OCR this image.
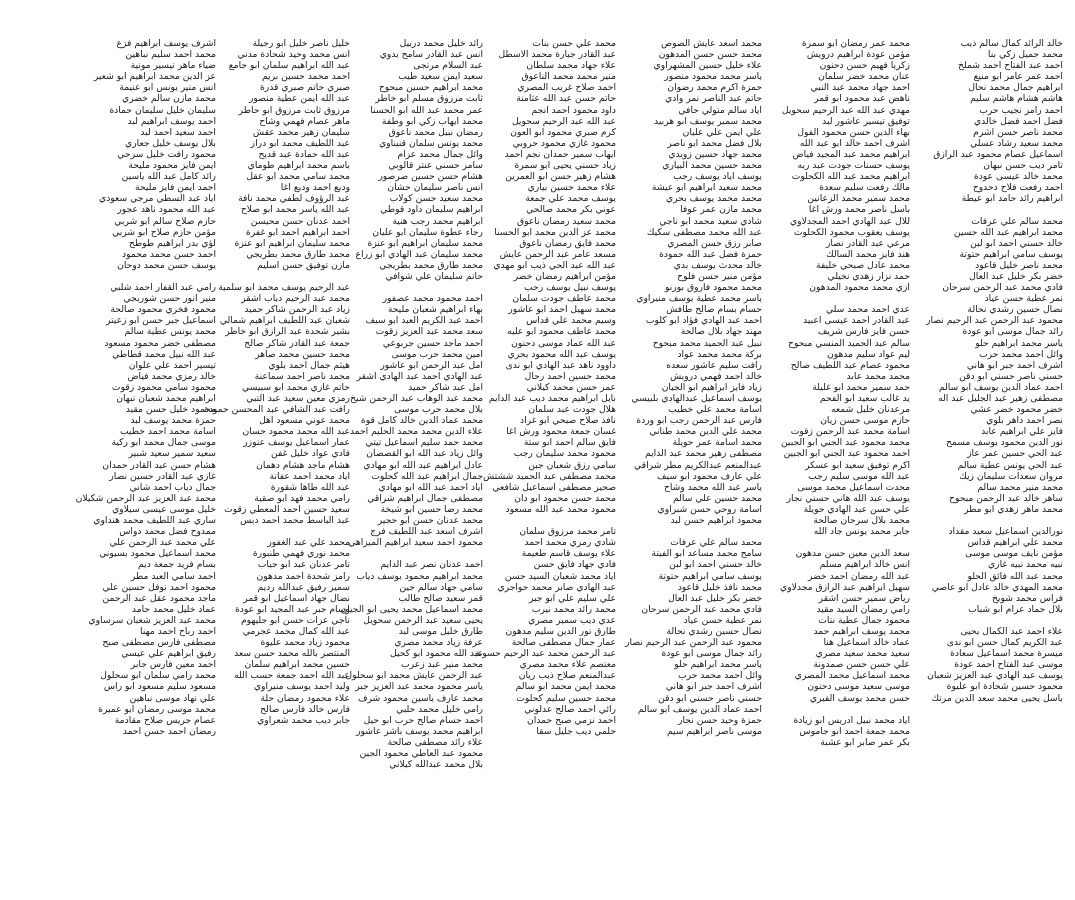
خالد الرائد كمال سالم ذيب
محمد جميل زكي بنا
احمد عبد الفتاح احمد شملخ
احمد عمر عامر ابو منيع
ابراهيم جمال محمد نحال
هاشم هشام هاشم سليم
احمد رامز نجيب حرب
فضل احمد فضل خالدي
محمد ناصر حسن اشرم
محمد سعيد رشاد عسلي
اسماعيل عصام محمود عبد الرازق
تامر ديب حسن نبهان
محمد خالد عيسى عودة
احمد رفعت فلاح دحدوح
ابراهيم رائد حامد ابو عيطة

محمد سالم علي عرفات
محمد ابراهيم عبد الله حسين
خالد حسني احمد ابو لبن
يوسف سامي ابراهيم حتوتة
محمد ناصر خليل قاعود
خضر بكر خليل عبد العال
فادي محمد عبد الرحمن سرحان
نمر عطية حسن عياد
نضال حسين رشدي نحالة
محمود عبد الرحمن عبد الرحيم نصار
رائد جمال موسى ابو عودة
ياسر محمد ابراهيم حلو
وائل احمد محمد حرب
اشرف احمد جبر ابو هاني
حسني ناصر حسني ابو دقن
احمد عماد الدين يوسف ابو سالم
مصطفى زهير عبد الجليل عبد اله
خضر محمود خضر عشي
نصر احمد داهر بلوي
فايز علي ابراهيم عابد
نور الدين محمود يوسف مسمح
عبد الحي حسين عمر عاز
عبد الحي يونس عطية سالم
مروان سعدات سليمان زيك
محمد منير محمد سالم
ساهر خالد عبد الرحمن مبحوح
محمد ماهر زهدي ابو مطر

نورالدين اسماعيل سعيد مقداد
محمد علي ابراهيم قداس
مؤمن نايف موسى موسى
نبيه محمد نبيه غازي
محمد عبد الله فائق الحلو
محمد المهدي خالد عادل ابو عاصي
فراس محمد شويخ
بلال حماد عرام ابو شباب

علاء احمد عبد الكمال يحيى
عبد الكريم كمال حسن ابو ندى
ميسرة محمد اسماعيل سعادة
موسى عبد الفتاح احمد عودة
يوسف عبد الهادي عبد العزيز شعبان
محمود حسين شحادة ابو عليوة
باسل يحيى محمد سعد الدين مرتك
محمد عمر رمضان ابو سمرة
مؤمن عودة ابراهيم درويش
زكريا فهيم حسن دحنون
عنان محمد خضر سلمان
احمد جهاد محمد عبد النبي
ناهض عبد محمود ابو قمر
مهدي عبد الله عبد الرحيم سحويل
توفيق تيسير عاشور لبد
بهاء الدين حسن محمود الفول
اشرف احمد خالد ابو عبد الله
ابراهيم محمد عبد المجيد فياض
يوسف حسنات جودت عبد ربه
ابراهيم محمد عبد الله الكحلوت
مالك رفعت سليم سعدة
محمد سمير محمد الزعانين
باسل ناصر محمد ورش اغا
للال عبد الهادي احمد المجدلاوي
يوسف يعقوب محمود الكحلوت
مرعي عبد القادر نصار
هند فايز محمد السالك
محمد عادل صبحي خليفة
حمد نزار زهدي نخيلي
ازي محمد محمود المدهون

عدي احمد محمد سلي
عبد القادر احمد عيسى اعبيد
حسن فايز فارس شريف
سالم عبد الحميد المنسي مبحوح
ليم عواد سليم مدهون
محمود عصام عبد اللطيف صالح
محمد محمد عابد
حمد سمير محمد ابو غليلة
يد غالب سعيد ابو الفحم
مرعدنان خليل شمعه
حازم موسى حسن زيان
اسامة محمد عبد الرحمن زقوت
محمد محمود عبد الجني ابو الجبين
احمد محمود عبد الجني ابو الجبين
اكرم توفيق سعيد ابو عسكر
عبد الله موسى سليم رجب
محدت اسماعيل محمد موسى
يوسف عبد الله هاني حسني نجار
علي حسن عبد الهادي حويلة
محمد بلال سرحان صالحة
جابر محمد يونس جاد الله

سعد الدين معين حسن مدهون
انس خالد ابراهيم مسلم
عبد الله رمضان احمد خضر
سهيل ابراهيم عبد الرازق مجدلاوي
رياض سمير حسن اشقر
رامي رمضان السيد مقيد
محمود جمال عطية نتات
محمد يوسف ابراهيم حمد
عماد خالد اسماعيل هنا
سعيد محمد سعيد مصري
علي حسن حسن صمدونة
محمد اسماعيل محمد المصري
موسى سعيد موسى دحنون
حسن محمد يوسف الفيري

اياد محمد نبيل ادريس ابو زيادة
محمد جمعة احمد ابو جاموس
بكر عمر صابر ابو عشبة
محمد اسعد عايش الصوص
محمد حسن حسن المدهون
علاء خليل حسين المشهراوي
ياسر محمد محمود منصور
حمزة اكرم محمد رضوان
حاتم عبد الناصر نمر وادي
اياد سالم متولي حافي
محمد سمير يوسف ابو هربيد
علي ايمن علي عليان
بلال فضل محمد ابو ناصر
محمد جهاد حسين زويدي
محمد حسين محمد البياري
يوسف اياد يوسف رجب
محمد سعيد ابراهيم ابو عيشة
محمد محمد يوسف بحري
محمد مازن عمر عوفا
شادي سعيد محمد ابو ناجي
عبد الله محمد مصطفى سكيك
صابر رزق حسن المصري
حمزة فضل عبد الله حمودة
خالد محدث يوسف بدي
مؤمن منير حسن فلوح
محمد محمود فاروق بورنو
ياسر محمد عطية يوسف منيراوي
حسام بسام صالح طافش
احمد عبد الهادي فؤاد ابو كلوب
مهند جهاد بلال صالحة
نبيل عبد الحميد محمد مبحوح
بركة محمد محمد عواد
رافت سليم عاشور سعده
خالد احمد فهمي درويش
زياد فايز ابراهيم ابو الجيان
يوسف اسماعيل عبدالهادي بلبيسي
اسامة محمد علي خطيب
فارس عبد الرحمن رجب ابو وردة
محمد علي الدين محمد طناني
محمد اسامة عمر حويلة
مصطفى زهير محمد عبد الدايم
عبدالمنعم عبدالكريم مطر شراقي
علي عارف محمود ابو سيف
ياسر عبد الله محمد وشاح
محمد حسين علي سالم
اسامة روحي حسن شبراوي
محمود ابراهيم حسن لبد

محمد سالم علي عرفات
سامح محمد مساعد ابو الفيتة
خالد حسني احمد ابو لبن
يوسف سامي ابراهيم حتوتة
محمد نافذ خليل قاعود
خضر بكر خليل عبد العال
فادي محمد عبد الرحمن سرحان
نمر عطية حسن عياد
نضال حسين رشدي نحالة
محمود عبد الرحمن عبد الرحيم نصار
رائد جمال موسى ابو عودة
ياسر محمد ابراهيم حلو
وائل احمد محمد حرب
اشرف احمد جبر ابو هاني
حسني ناصر حسني ابو دقن
احمد عماد الدين يوسف ابو سالم
حمزة وحيد حسن نجار
موسى ناصر ابراهيم سيم
محمد علي حسن بنات
عبد القادر جبارة محمد الاسطل
علاء جهاد محمد سلطان
منير محمد محمد الناعوق
احمد صلاح غريب المصري
حاتم حسن عبد الله عثامنة
داود محمود احمد انجم
عبد الله عبد الرحيم سحويل
كرم صبري محمود ابو العون
محمود غازي محمود حروبي
ايهاب سمير حمدان نجم احمد
زياد حسني يحيى ابو سمرة
هشام زهير حسن ابو العمرين
علاء محمد حسين بياري
يوسف محمد علي جمعة
عوني بكر محمد صالحي
محمد سعيد رمضان ناعوق
محمد عز الدين محمد ابو الحسنا
محمد فايق رمضان ناعوق
مسعد عامر عبد الرحمن عايش
عبد الله عبد الحي ذيب ابو مهدي
مؤمن ابراهيم رمضان خضر
يوسف نبيل يوسف رحب
محمد عاطف جودت سلمان
محمد سهيل احمد ابو عاشور
وسيم محمد علي قداس
محمد عاطف محمود ابو عليه
عبد الله عماد موسى دحنون
يوسف عبد الله محمود بحري
داوود ناهد عبد الهادي ابو ندى
محمد حسين احمد رحال
عمر حسن محمد كيلاني
نايل ابراهيم محمد ديب عبد الدايم
هلال جودت عبد سلمان
نافذ صلاح صبحي ابو غراد
غسان جمعة محمود ورش اغا
فايق سالم احمد ابو ستة
محمود محمد سليمان رجب
سامي رزق شعبان جبن
محمد مصطفى عبد الحميد ششتش
صحير مصطفى اسماعيل شافعي
محمد حسن محمود ابو دان
محمود محمد عبد الله مسعود

تامر محمد مرزوق سلمان
شادي رمزي محمد احمد
علاء يوسف قاسم طعيمة
فادي جهاد فايق حسن
اياد محمد شعبان السيد حسن
عبد الهادي صابر محمد حواجري
علي سليم علي ابو جبر
محمد رائد محمد نيرب
عدي ديب سمير مصري
طارق نور الدين سليم مدهون
عمار جمال مصطفى صالحة
عبد الرحمن محمد عبد الرحيم حسونة
معتصم علاء محمد مصري
عبدالمنعم صلاح ذيب ريان
محمد ايمن محمد ابو سالم
محمد حسين سليم كحلوت
رائي احمد صالح عدلوني
احمد نزمي صبح حمدان
حلمي ديب جليل سقا
رائد خليل محمد دربيل
انس عبد القادر سامح بدوي
عبد السلام مرتجى
سعيد ايمن سعيد طيب
محمد ابراهيم حسين مبحوح
ثابت مرزوق مسلم ابو خاطر
عمر محمد عبد الله ابو الحسنا
محمد ايهاب زكي ابو وطفة
رمضان نبيل محمد ناعوق
محمد يونس سلمان قنيناوي
وائل جمال محمد عزام
سامر حسني عنتر قالوبي
هشام حسن حسين صرصور
انس ناصر سليمان حشان
محمد سعيد حسن كولاب
ابراهيم سليمان داود قوطي
ابراهيم محمد رجب هنية
رجاء عطوة سليمان ابو عليان
محمد سليمان ابراهيم ابو عنزة
محمد سليمان عبد الهادي ابو زراع
محمد طارق محمد بطريجي
حاتم سليمان علي شوافي

احمد محمود محمد عصفور
بهاء ابراهيم شعبان مليحة
احمد عبد الكريم العبد ابو سيف
سعد محمد عبد العزيز زقوت
احمد ماجد حسين جربوعي
امين محمد حرب موسى
امل عبد الرحمن ابو عاشور
عبد الهادي احمد عبد الهادي اشقر
امل عبد شاكر حميد
محمد عبد الوهاب عبد الرحمن شيخ
بلال محمد حرب موسى
محمد عماد الدين خالد كامل قوة
علاء الدين محمد محمد الحليم احمد
محمد حمد سليم اسماعيل تيتي
وائل زياد عبد الله ابو القصصان
عادل ابراهيم عبد الله ابو مهادي
جمال ابراهيم عبد الله كحلوت
اياد احمد عبد الله ابو مهادي
مصطفى جمال ابراهيم شراقي
محمد رضا حسين ابو شيخة
محمد عدنان حسن ابو حجير
اشرف اسعد عبد اللطيف فرج
محمود احمد سعيد ابراهيم الميزاهي

احمد عدنان نصر عبد الدايم
محمد ابراهيم محمود يوسف دياب
سامي جهاد سالم جين
قمر سعيد صالح طالب
محمد اسماعيل محمد يحيى ابو الجيان
يحيى سعيد عبد الرحمن سحويل
طارق خليل موسى لبد
عرفة زياد محمد مصري
عبد الله محمود ابو كحيل
محمد منير عبد زعرب
عبد الرحمن عايش محمد ابو سحلول
ياسر محمود محمد عبد العزيز جبر
محمد عارف ياسين محمود شرف
رامي خليل محمد حلبي
احمد حسام صالح حرب ابو حيل
ابراهيم محمد يوسف باشر عاشور
علاء رائد مصطفى صالحة
محمود عبد العاطي محمود الجين
بلال محمد عبدالله كيلاني
خليل ناصر خليل ابو رجيلة
انس محمد وحيد شحادة مدني
عبد الله ابراهيم سلمان ابو جامع
احمد محمد حسين بريم
صبري حاتم صبري قدرة
عبد الله ايمن عطية منصور
مرزوق ثابت مرزوق ابو حاطر
ماهر عصام فهمي وشاح
سليمان زهير محمد عقش
عبد اللطيف محمد ابو دراز
عبد الله حمادة عبد قديح
باسم محمد ابراهيم طوماي
محمد سامي محمد ابو عقل
وديع احمد وديع اغا
عبد الرؤوف لطفي محمد نافة
عبد الله ياسر محمد ابو صلاح
احمد عدنان حسن محيسن
احمد ابراهيم احمد ابو غفرة
محمد سليمان ابراهيم ابو عنزة
محمد طارق محمد بطريجي
مازن توفيق حسن اسليم

عبد الرحيم يوسف محمد ابو سلمية
محمد عبد الرحيم دياب اشقر
زياد عبد الرحمن شاكر حميد
شعبان عبد اللطيف ابراهيم شمالي
بشير شحدة عبد الرازق ابو خاطر
جمعة عبد القادر شاكر صالح
محمد حسين محمد صاهر
هيثم جمال احمد بلوي
محمد ناصر احمد سماعنة
حاتم غازي محمد ابو سبيسي
رمزي معين سعيد عبد التبي
رافت عبد الشافي عبد المحسن حمودة
محمد عوني مسعود اهل
عبد الله محمد محمود حسان
عمار اسماعيل يوسف عنوزر
فادي عواد خليل غفن
هشام ماجد هشام دهمان
اياد محمد احمد عفانة
عبد الله طاها شقورة
رامي محمد فهد ابو صقية
سعيد حسين احمد المعطي زقوت
عبد الباسط محمد احمد دبس

محمد علي عبد الغفور
محمد نوري فهمي طنبورة
تامر عدنان عبد ابو جياب
رامز شحدة احمد مدهون
سمير رفيق عبدالله رديم
نضال جهاد اسماعيل ابو قمر
وسام جبر عبد المجيد ابو عودة
ناجي عزات حسن ابو جليهوم
عبد الله كمال محمد عجرمي
محمود زياد محمد عليوة
المنتصر بالله محمد حسن سعد
حسين محمد ابراهيم سلمان
عبد الله احمد جمعة حسب الله
وليد احمد يوسف منيراوي
علاء محمود رمضان حلة
فارس خالد فارس صالح
جابر ديب محمد شعراوي
اشرف يوسف ابراهيم فزع
محمد احمد سليم نباهين
ضياء ماهر تيسير مونية
عز الدين محمد ابراهيم ابو شعير
انس منير يونس ابو عنيمة
محمد مازن سالم خضري
سليمان خليل سليمان حمادة
احمد يوسف ابراهيم لبد
احمد سعيد احمد لبد
بلال يوسف خليل جعاري
محمود رافت خليل سرحي
ايمن فايز محمود مليحة
رائد كامل عبد الله ياسين
احمد ايمن فايز مليحة
اياد عبد السطي مرجي سعودي
عبد الله محمود ناهد عجور
حازم صلاح سالم ابو شربي
مؤمن حازم صلاح ابو شربي
لؤي بدر ابراهيم طوطح
احمد حسن محمد محمود
يوسف حسن محمد دوحان

رامي عبد القفار احمد شلبي
منير انور حسن شوربجي
محمود فخري محمود صالحة
اسماعيل جبر حسن ابو زعيتر
محمد يونس عطية سالم
مصطفى خضر محمود مسعود
عبد الله نبيل محمد قطاطي
تيسير احمد علي علوان
خالد رمزي محمد فياض
محمود سامي محمود زقوت
ابراهيم محمد شعبان نبهان
محمود خليل حسن مقيد
حمزة محمد يوسف لبد
اسامة محمد احمد خطيب
موسى جمال محمد ابو ركبة
سعيد سمير سعيد شبير
هشام حسن عبد القادر حمدان
غازي عبد القادر حسين نصار
جمال دياب احمد شاني
محمد عبد العزيز عبد الرحمن شكيلان
خليل موسى عيسى سيلاوي
ساري عبد اللطيف محمد هنداوي
ممدوح فضل محمد دواس
علي محمد عبد الرحمن علي
محمد اسماعيل محمود بسيوني
بسام فريد جمعة ديم
احمد سامي العبد مطر
محمود احمد نوفل حسين علي
ماجد محمود عقل عبد الرحمن
عماد خليل محمد حامد
محمد عبد العزيز شعبان سرساوي
احمد رباح احمد مهنا
مصطفى فارس مصطفى صبح
رفيق ابراهيم علي عيسي
احمد معين فارس جابر
محمد رامي سلمان ابو سحلول
مسعود سليم مسعود ابو راس
علي نهاد موسى نباهين
محمد موسى رمضان ابو عميرة
عصام جريس صلاح مقادمة
رمضان احمد حسن احمد
